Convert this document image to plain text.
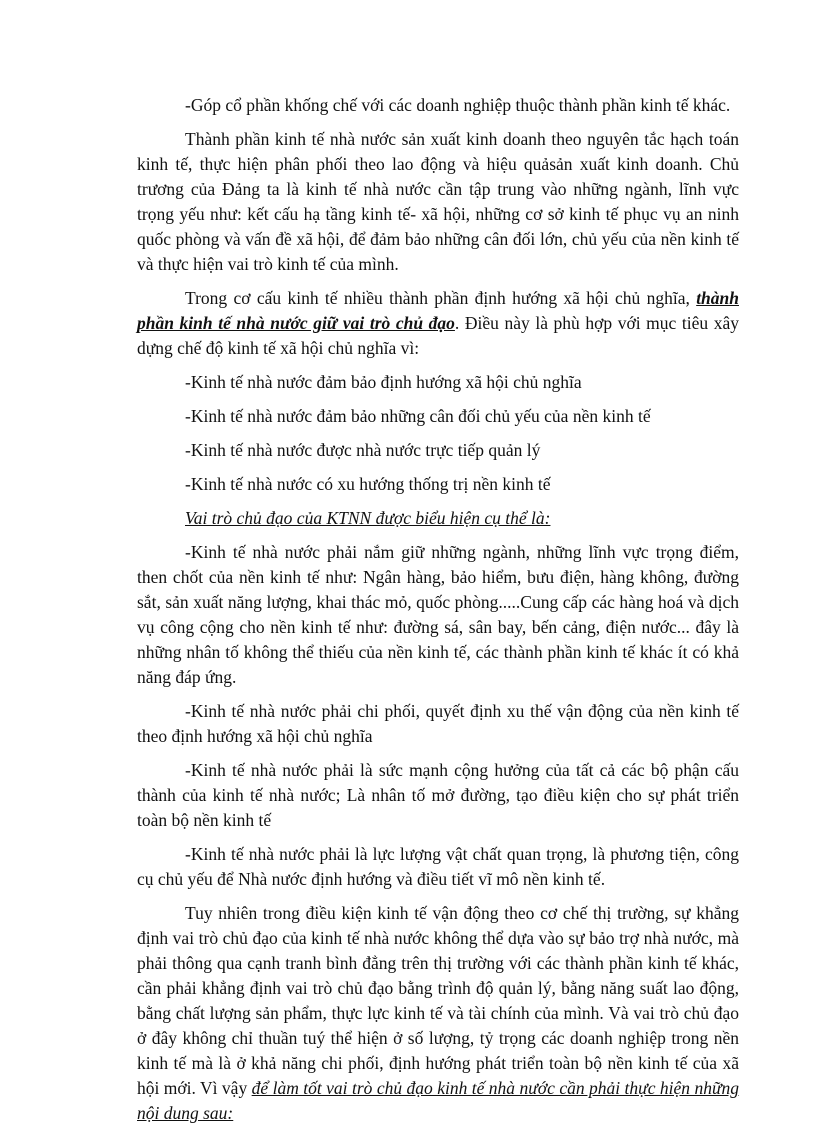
-Góp cổ phần khống chế với các doanh nghiệp thuộc thành phần kinh tế khác.

Thành phần kinh tế nhà nước sản xuất kinh doanh theo nguyên tắc hạch toán kinh tế, thực hiện phân phối theo lao động và hiệu quảsản xuất kinh doanh. Chủ trương của Đảng ta là kinh tế nhà nước cần tập trung vào những ngành, lĩnh vực trọng yếu như: kết cấu hạ tầng kinh tế- xã hội, những cơ sở kinh tế phục vụ an ninh quốc phòng và vấn đề xã hội, để đảm bảo những cân đối lớn, chủ yếu của nền kinh tế và thực hiện vai trò kinh tế của mình.

Trong cơ cấu kinh tế nhiều thành phần định hướng xã hội chủ nghĩa, thành phần kinh tế nhà nước giữ vai trò chủ đạo. Điều này là phù hợp với mục tiêu xây dựng chế độ kinh tế xã hội chủ nghĩa vì:

-Kinh tế nhà nước đảm bảo định hướng xã hội chủ nghĩa

-Kinh tế nhà nước đảm bảo những cân đối chủ yếu của nền kinh tế

-Kinh tế nhà nước được nhà nước trực tiếp quản lý

-Kinh tế nhà nước có xu hướng thống trị nền kinh tế

Vai trò chủ đạo của KTNN được biểu hiện cụ thể là:

-Kinh tế nhà nước phải nắm giữ những ngành, những lĩnh vực trọng điểm, then chốt của nền kinh tế như: Ngân hàng, bảo hiểm, bưu điện, hàng không, đường sắt, sản xuất năng lượng, khai thác mỏ, quốc phòng.....Cung cấp các hàng hoá và dịch vụ công cộng cho nền kinh tế như: đường sá, sân bay, bến cảng, điện nước... đây là những nhân tố không thể thiếu của nền kinh tế, các thành phần kinh tế khác ít có khả năng đáp ứng.

-Kinh tế nhà nước phải chi phối, quyết định xu thế vận động của nền kinh tế theo định hướng xã hội chủ nghĩa

-Kinh tế nhà nước phải là sức mạnh cộng hưởng của tất cả các bộ phận cấu thành của kinh tế nhà nước; Là nhân tố mở đường, tạo điều kiện cho sự phát triển toàn bộ nền kinh tế

-Kinh tế nhà nước phải là lực lượng vật chất quan trọng, là phương tiện, công cụ chủ yếu để Nhà nước định hướng và điều tiết vĩ mô nền kinh tế.

Tuy nhiên trong điều kiện kinh tế vận động theo cơ chế thị trường, sự khẳng định vai trò chủ đạo của kinh tế nhà nước không thể dựa vào sự bảo trợ nhà nước, mà phải thông qua cạnh tranh bình đẳng trên thị trường với các thành phần kinh tế khác, cần phải khẳng định vai trò chủ đạo bằng trình độ quản lý, bằng năng suất lao động, bằng chất lượng sản phẩm, thực lực kinh tế và tài chính của mình. Và vai trò chủ đạo ở đây không chỉ thuần tuý thể hiện ở số lượng, tỷ trọng các doanh nghiệp trong nền kinh tế mà là ở khả năng chi phối, định hướng phát triển toàn bộ nền kinh tế của xã hội mới. Vì vậy để làm tốt vai trò chủ đạo kinh tế nhà nước cần phải thực hiện những nội dung sau:
